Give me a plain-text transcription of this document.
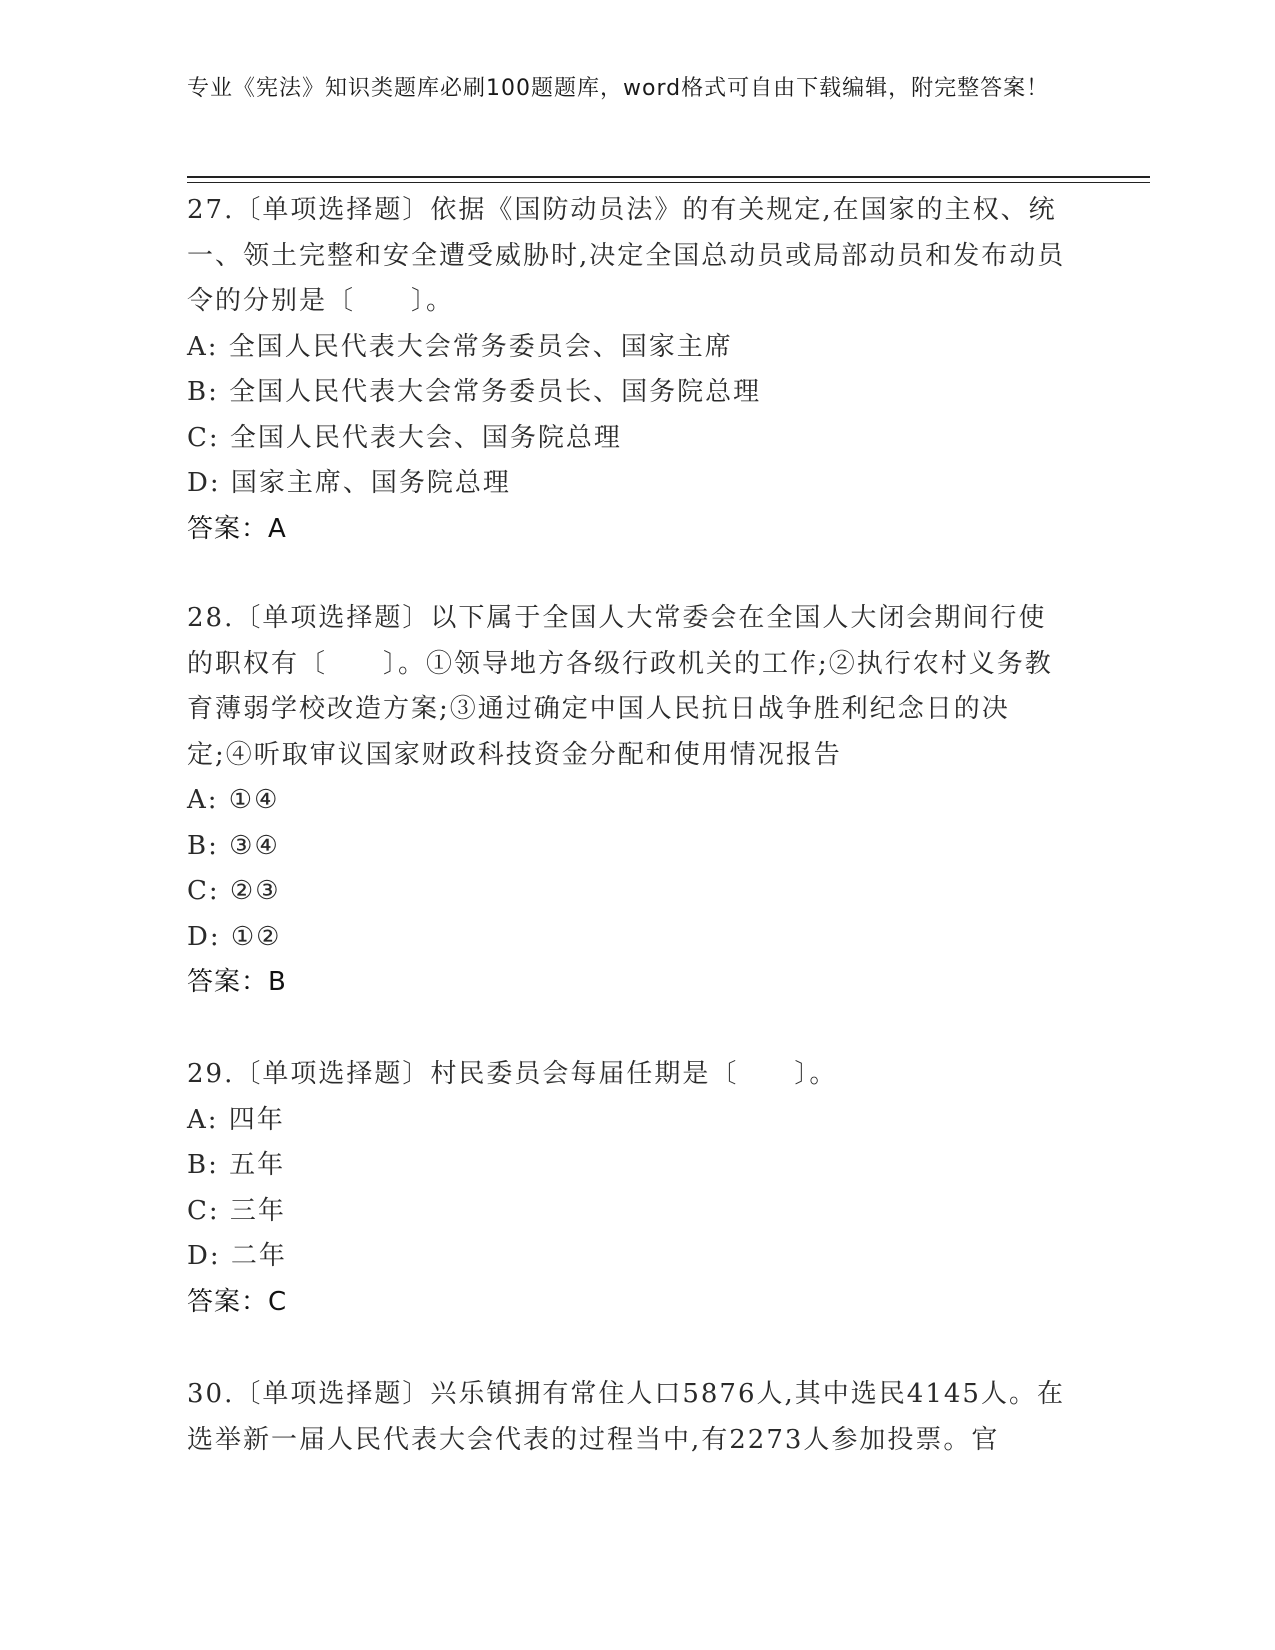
专业《宪法》知识类题库必刷100题题库，word格式可自由下载编辑，附完整答案！

27.〔单项选择题〕依据《国防动员法》的有关规定,在国家的主权、统一、领土完整和安全遭受威胁时,决定全国总动员或局部动员和发布动员令的分别是〔　　〕。

A: 全国人民代表大会常务委员会、国家主席

B: 全国人民代表大会常务委员长、国务院总理

C: 全国人民代表大会、国务院总理

D: 国家主席、国务院总理

答案：A

28.〔单项选择题〕以下属于全国人大常委会在全国人大闭会期间行使的职权有〔　　〕。①领导地方各级行政机关的工作;②执行农村义务教育薄弱学校改造方案;③通过确定中国人民抗日战争胜利纪念日的决定;④听取审议国家财政科技资金分配和使用情况报告

A: ①④

B: ③④

C: ②③

D: ①②

答案：B

29.〔单项选择题〕村民委员会每届任期是〔　　〕。

A: 四年

B: 五年

C: 三年

D: 二年

答案：C

30.〔单项选择题〕兴乐镇拥有常住人口5876人,其中选民4145人。在选举新一届人民代表大会代表的过程当中,有2273人参加投票。官
